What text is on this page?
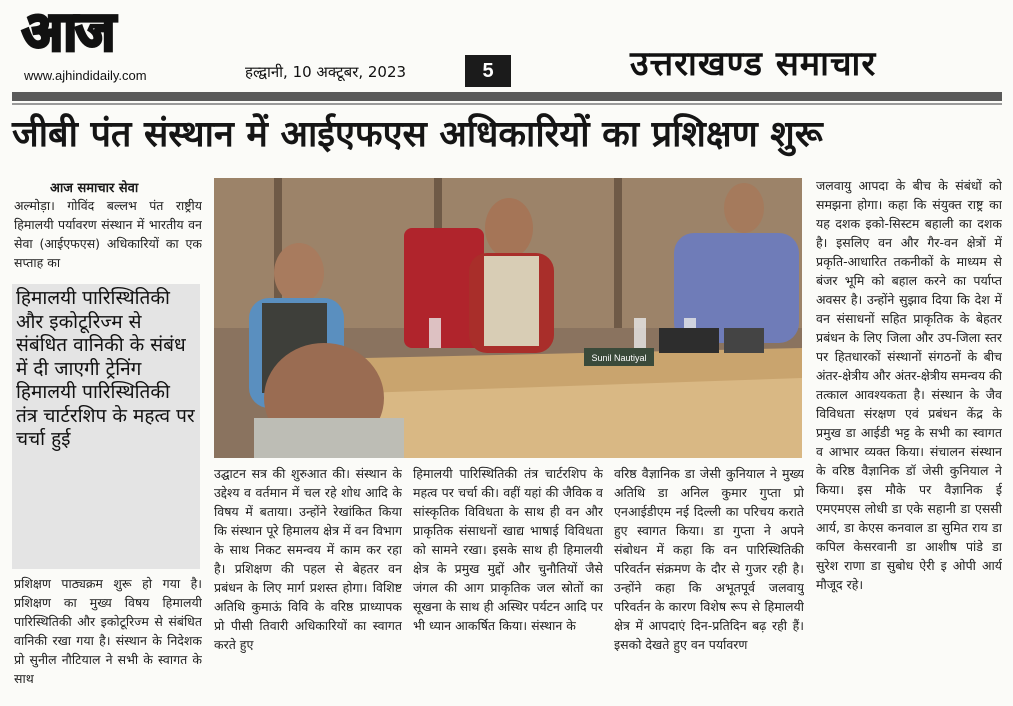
आज
www.ajhindidaily.com	हल्द्वानी, 10 अक्टूबर, 2023	5	उत्तराखण्ड समाचार
जीबी पंत संस्थान में आईएफएस अधिकारियों का प्रशिक्षण शुरू
आज समाचार सेवा

अल्मोड़ा। गोविंद बल्लभ पंत राष्ट्रीय हिमालयी पर्यावरण संस्थान में भारतीय वन सेवा (आईएफएस) अधिकारियों का एक सप्ताह का

हिमालयी पारिस्थितिकी और इकोटूरिज्म से संबंधित वानिकी के संबंध में दी जाएगी ट्रेनिंग हिमालयी पारिस्थितिकी तंत्र चार्टरशिप के महत्व पर चर्चा हुई

प्रशिक्षण पाठ्यक्रम शुरू हो गया है। प्रशिक्षण का मुख्य विषय हिमालयी पारिस्थितिकी और इकोटूरिज्म से संबंधित वानिकी रखा गया है। संस्थान के निदेशक प्रो सुनील नौटियाल ने सभी के स्वागत के साथ

Sunil Nautiyal

उद्घाटन सत्र की शुरुआत की। संस्थान के उद्देश्य व वर्तमान में चल रहे शोध आदि के विषय में बताया। उन्होंने रेखांकित किया कि संस्थान पूरे हिमालय क्षेत्र में वन विभाग के साथ निकट समन्वय में काम कर रहा है। प्रशिक्षण की पहल से बेहतर वन प्रबंधन के लिए मार्ग प्रशस्त होगा। विशिष्ट अतिथि कुमाऊं विवि के वरिष्ठ प्राध्यापक प्रो पीसी तिवारी अधिकारियों का स्वागत करते हुए

हिमालयी पारिस्थितिकी तंत्र चार्टरशिप के महत्व पर चर्चा की। वहीं यहां की जैविक व सांस्कृतिक विविधता के साथ ही वन और प्राकृतिक संसाधनों खाद्य भाषाई विविधता को सामने रखा। इसके साथ ही हिमालयी क्षेत्र के प्रमुख मुद्दों और चुनौतियों जैसे जंगल की आग प्राकृतिक जल स्रोतों का सूखना के साथ ही अस्थिर पर्यटन आदि पर भी ध्यान आकर्षित किया। संस्थान के

वरिष्ठ वैज्ञानिक डा जेसी कुनियाल ने मुख्य अतिथि डा अनिल कुमार गुप्ता प्रो एनआईडीएम नई दिल्ली का परिचय कराते हुए स्वागत किया। डा गुप्ता ने अपने संबोधन में कहा कि वन पारिस्थितिकी परिवर्तन संक्रमण के दौर से गुजर रही है। उन्होंने कहा कि अभूतपूर्व जलवायु परिवर्तन के कारण विशेष रूप से हिमालयी क्षेत्र में आपदाएं दिन-प्रतिदिन बढ़ रही हैं। इसको देखते हुए वन पर्यावरण

जलवायु आपदा के बीच के संबंधों को समझना होगा। कहा कि संयुक्त राष्ट्र का यह दशक इको-सिस्टम बहाली का दशक है। इसलिए वन और गैर-वन क्षेत्रों में प्रकृति-आधारित तकनीकों के माध्यम से बंजर भूमि को बहाल करने का पर्याप्त अवसर है। उन्होंने सुझाव दिया कि देश में वन संसाधनों सहित प्राकृतिक के बेहतर प्रबंधन के लिए जिला और उप-जिला स्तर पर हितधारकों संस्थानों संगठनों के बीच अंतर-क्षेत्रीय और अंतर-क्षेत्रीय समन्वय की तत्काल आवश्यकता है। संस्थान के जैव विविधता संरक्षण एवं प्रबंधन केंद्र के प्रमुख डा आईडी भट्ट के सभी का स्वागत व आभार व्यक्त किया। संचालन संस्थान के वरिष्ठ वैज्ञानिक डॉ जेसी कुनियाल ने किया। इस मौके पर वैज्ञानिक ई एमएमएस लोधी डा एके सहानी डा एससी आर्य, डा केएस कनवाल डा सुमित राय डा कपिल केसरवानी डा आशीष पांडे डा सुरेश राणा डा सुबोध ऐरी इ ओपी आर्य मौजूद रहे।
